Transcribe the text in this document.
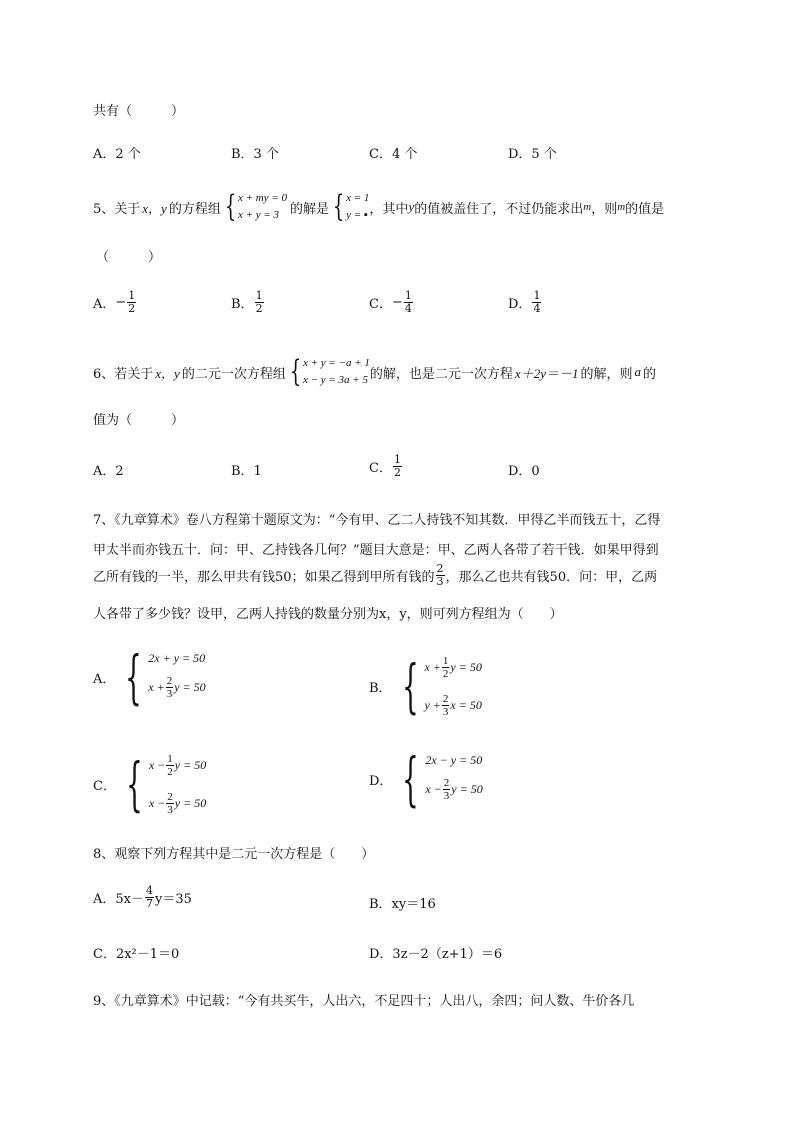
共有（　　　）
A．2 个	B．3 个	C．4 个	D．5 个
5、关于 x，y 的方程组 { x + my = 0
x + y = 3 的解是 { x = 1
y = ▪ ，其中 y 的值被盖住了，不过仍能求出 m ，则 m 的值是
（　　　）
A． − $\frac{1}{2}$	B． $\frac{1}{2}$	C． − $\frac{1}{4}$	D． $\frac{1}{4}$
6、若关于 x，y 的二元一次方程组 { x + y = −a + 1
x − y = 3a + 5 的解，也是二元一次方程 x＋2y＝－1 的解，则 a 的
值为（　　　）
A．2	B．1	C． $\frac{1}{2}$	D．0
7、《九章算术》卷八方程第十题原文为：“今有甲、乙二人持钱不知其数．甲得乙半而钱五十，乙得
甲太半而亦钱五十．问：甲、乙持钱各几何？”题目大意是：甲、乙两人各带了若干钱．如果甲得到
乙所有钱的一半，那么甲共有钱50；如果乙得到甲所有钱的 $\frac{2}{3}$ ，那么乙也共有钱50．问：甲，乙两
人各带了多少钱？设甲，乙两人持钱的数量分别为x，y，则可列方程组为（　　）
A． { 2x + y = 50
$x + \frac{2}{3}$ y = 50	B． { $x + \frac{1}{2}$ y = 50
$y + \frac{2}{3}$ x = 50
C． { $x - \frac{1}{2}$ y = 50
$x - \frac{2}{3}$ y = 50
D． { 2x − y = 50
$x - \frac{2}{3}$ y = 50
8、观察下列方程其中是二元一次方程是（　　）
A．$5x- \frac{4}{7} y=35$	B．xy＝16
C．2x²－1＝0	D．3z－2（z+1）＝6
9、《九章算术》中记载：“今有共买牛，人出六，不足四十；人出八，余四；问人数、牛价各几
